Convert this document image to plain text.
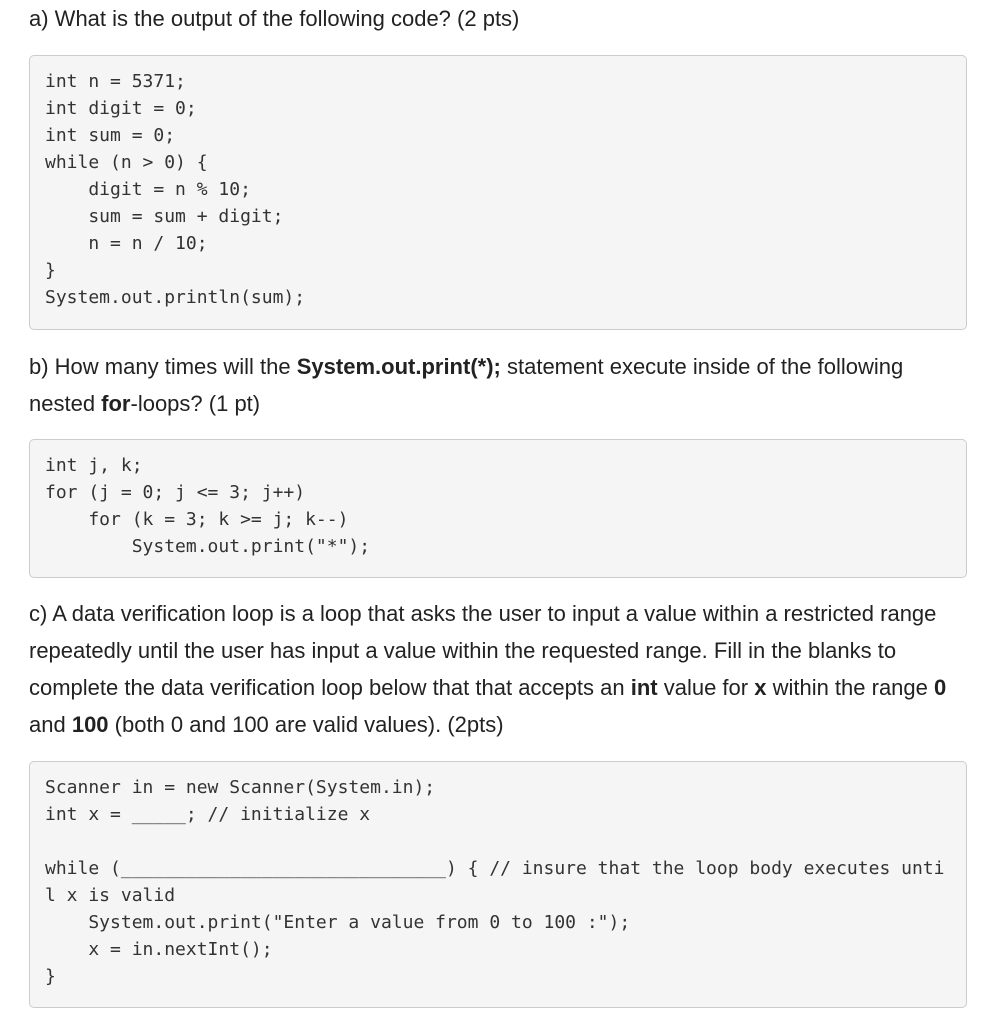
a) What is the output of the following code? (2 pts)

int n = 5371;
int digit = 0;
int sum = 0;
while (n > 0) {
digit = n % 10;
sum = sum + digit;
n = n / 10;
}
System.out.println(sum);

b) How many times will the System.out.print(*); statement execute inside of the following nested for-loops? (1 pt)

int j, k;
for (j = 0; j <= 3; j++)
for (k = 3; k >= j; k--)
System.out.print("*");

c) A data verification loop is a loop that asks the user to input a value within a restricted range repeatedly until the user has input a value within the requested range. Fill in the blanks to complete the data verification loop below that that accepts an int value for x within the range 0 and 100 (both 0 and 100 are valid values). (2pts)

Scanner in = new Scanner(System.in);
int x = _____; // initialize x

while (______________________________) { // insure that the loop body executes unti
l x is valid
System.out.print("Enter a value from 0 to 100 :");
x = in.nextInt();
}
